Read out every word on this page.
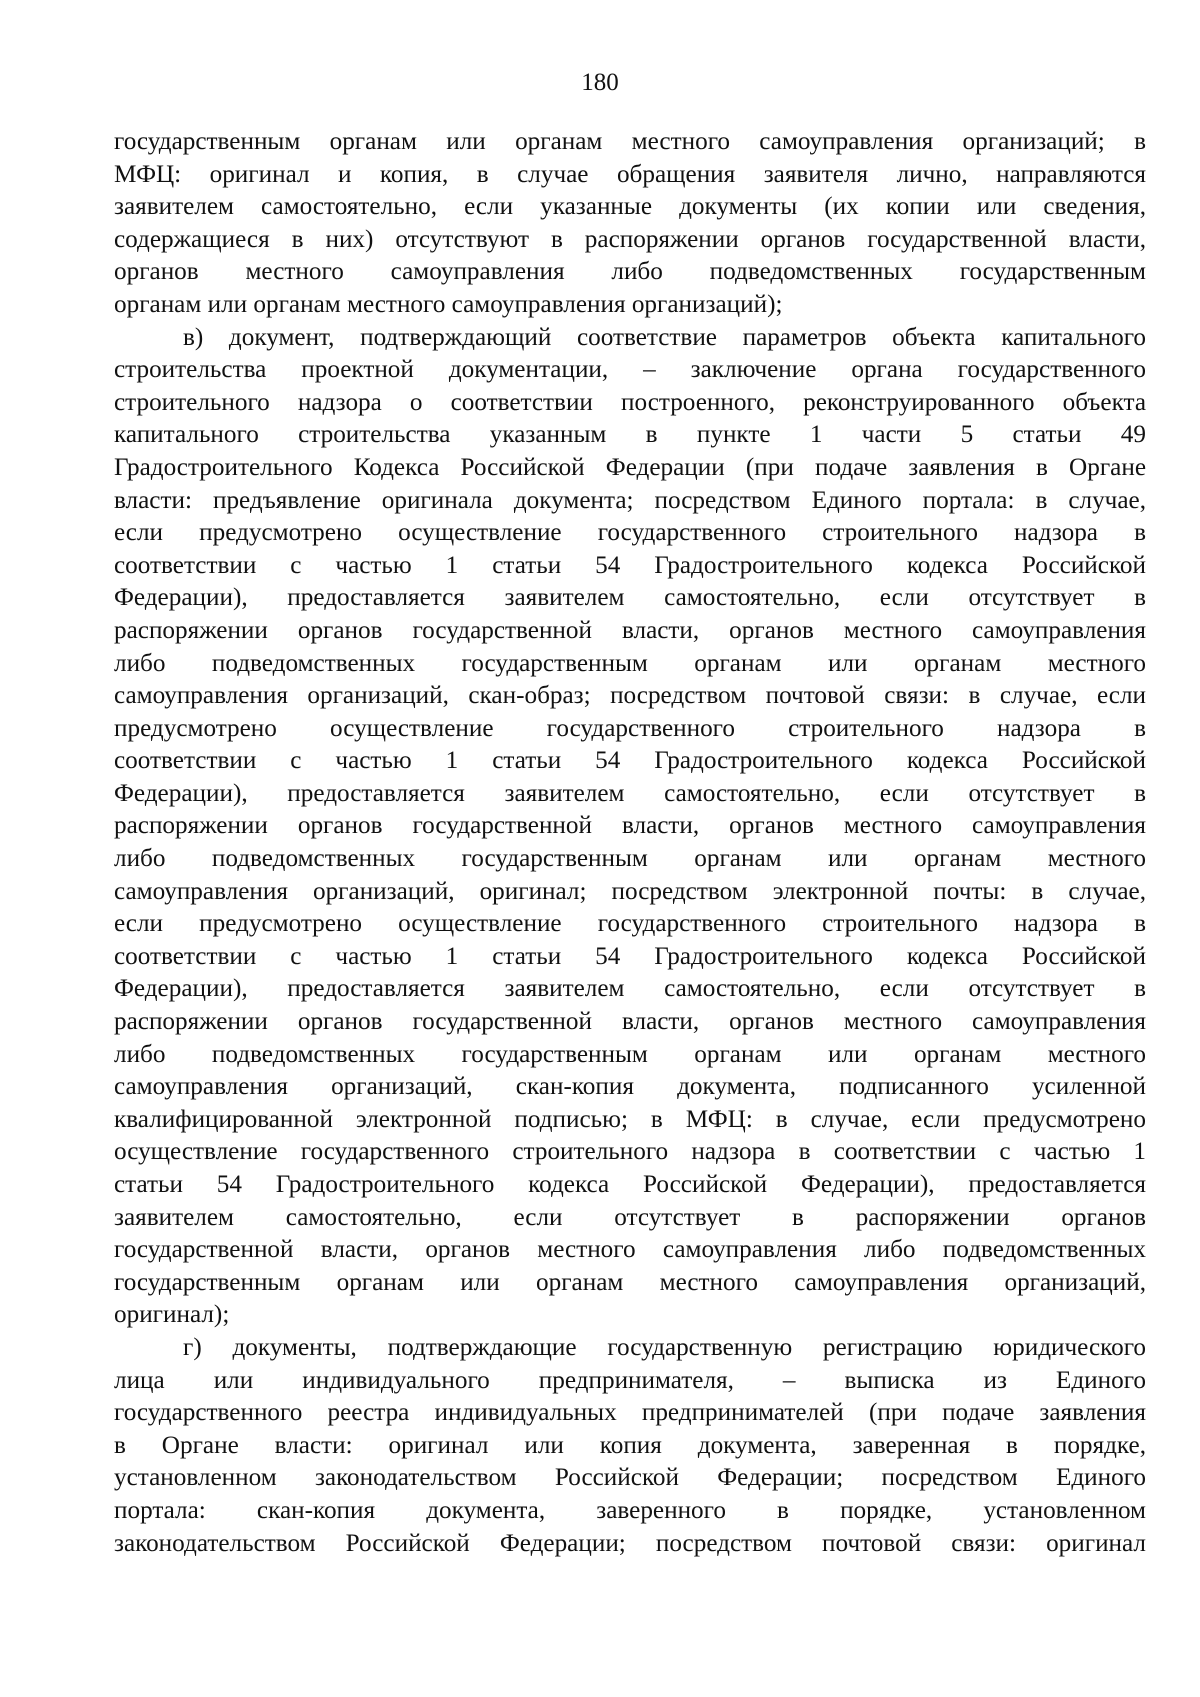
180

государственным органам или органам местного самоуправления организаций; в
МФЦ: оригинал и копия, в случае обращения заявителя лично, направляются
заявителем самостоятельно, если указанные документы (их копии или сведения,
содержащиеся в них) отсутствуют в распоряжении органов государственной власти,
органов местного самоуправления либо подведомственных государственным
органам или органам местного самоуправления организаций);

в) документ, подтверждающий соответствие параметров объекта капитального
строительства проектной документации, – заключение органа государственного
строительного надзора о соответствии построенного, реконструированного объекта
капитального строительства указанным в пункте 1 части 5 статьи 49
Градостроительного Кодекса Российской Федерации (при подаче заявления в Органе
власти: предъявление оригинала документа; посредством Единого портала: в случае,
если предусмотрено осуществление государственного строительного надзора в
соответствии с частью 1 статьи 54 Градостроительного кодекса Российской
Федерации), предоставляется заявителем самостоятельно, если отсутствует в
распоряжении органов государственной власти, органов местного самоуправления
либо подведомственных государственным органам или органам местного
самоуправления организаций, скан-образ; посредством почтовой связи: в случае, если
предусмотрено осуществление государственного строительного надзора в
соответствии с частью 1 статьи 54 Градостроительного кодекса Российской
Федерации), предоставляется заявителем самостоятельно, если отсутствует в
распоряжении органов государственной власти, органов местного самоуправления
либо подведомственных государственным органам или органам местного
самоуправления организаций, оригинал; посредством электронной почты: в случае,
если предусмотрено осуществление государственного строительного надзора в
соответствии с частью 1 статьи 54 Градостроительного кодекса Российской
Федерации), предоставляется заявителем самостоятельно, если отсутствует в
распоряжении органов государственной власти, органов местного самоуправления
либо подведомственных государственным органам или органам местного
самоуправления организаций, скан-копия документа, подписанного усиленной
квалифицированной электронной подписью; в МФЦ: в случае, если предусмотрено
осуществление государственного строительного надзора в соответствии с частью 1
статьи 54 Градостроительного кодекса Российской Федерации), предоставляется
заявителем самостоятельно, если отсутствует в распоряжении органов
государственной власти, органов местного самоуправления либо подведомственных
государственным органам или органам местного самоуправления организаций,
оригинал);

г) документы, подтверждающие государственную регистрацию юридического
лица или индивидуального предпринимателя, – выписка из Единого
государственного реестра индивидуальных предпринимателей (при подаче заявления
в Органе власти: оригинал или копия документа, заверенная в порядке,
установленном законодательством Российской Федерации; посредством Единого
портала: скан-копия документа, заверенного в порядке, установленном
законодательством Российской Федерации; посредством почтовой связи: оригинал
